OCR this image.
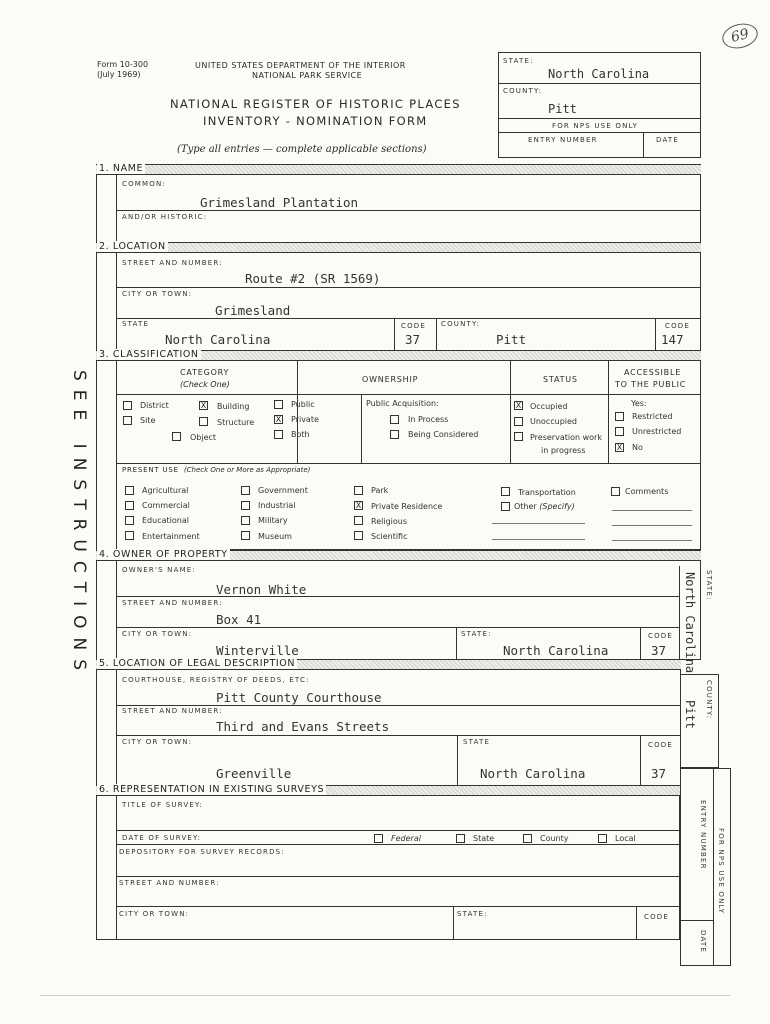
69
Form 10-300
(July 1969)
UNITED STATES DEPARTMENT OF THE INTERIOR
NATIONAL PARK SERVICE
NATIONAL REGISTER OF HISTORIC PLACES
INVENTORY - NOMINATION FORM
(Type all entries — complete applicable sections)
STATE:
North Carolina
COUNTY:
Pitt
FOR NPS USE ONLY
ENTRY NUMBER	DATE
SEE INSTRUCTIONS
1. NAME
COMMON:
Grimesland Plantation
AND/OR HISTORIC:
2. LOCATION
STREET AND NUMBER:
Route #2 (SR 1569)
CITY OR TOWN:
Grimesland
STATE
North Carolina
CODE
37
COUNTY:
Pitt
CODE
147
3. CLASSIFICATION
CATEGORY
(Check One)
OWNERSHIP	STATUS
ACCESSIBLE
TO THE PUBLIC
District	X Building
Site	Structure
Object
Public
X Private
Both
Public Acquisition:
In Process
Being Considered
X Occupied
Unoccupied
Preservation work
in progress
Yes:
Restricted
Unrestricted
X No
PRESENT USE (Check One or More as Appropriate)
Agricultural
Commercial
Educational
Entertainment
Government
Industrial
Military
Museum
Park
X Private Residence
Religious
Scientific
Transportation
Other (Specify)
Comments
4. OWNER OF PROPERTY
OWNER'S NAME:
Vernon White
STREET AND NUMBER:
Box 41
CITY OR TOWN:
Winterville
STATE:
North Carolina
CODE
37
STATE:
North Carolina
5. LOCATION OF LEGAL DESCRIPTION
COURTHOUSE, REGISTRY OF DEEDS, ETC:
Pitt County Courthouse
STREET AND NUMBER:
Third and Evans Streets
CITY OR TOWN:
Greenville
STATE
North Carolina
CODE
37
COUNTY:
Pitt
6. REPRESENTATION IN EXISTING SURVEYS
TITLE OF SURVEY:
DATE OF SURVEY:	Federal	State	County	Local
DEPOSITORY FOR SURVEY RECORDS:
STREET AND NUMBER:
CITY OR TOWN:	STATE:	CODE
FOR NPS USE ONLY
ENTRY NUMBER
DATE
